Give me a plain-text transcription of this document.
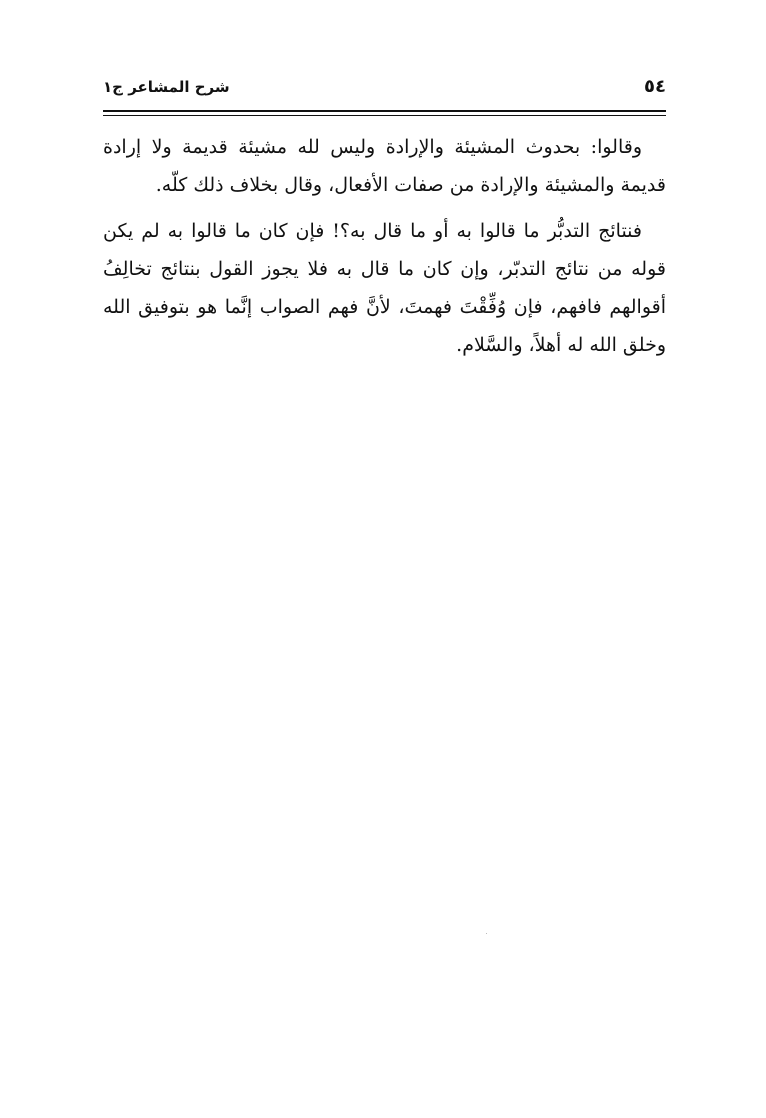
٥٤
شرح المشاعر ج١

وقالوا: بحدوث المشيئة والإرادة وليس لله مشيئة قديمة ولا إرادة قديمة والمشيئة والإرادة من صفات الأفعال، وقال بخلاف ذلك كلّه.

فنتائج التدبُّر ما قالوا به أو ما قال به؟! فإن كان ما قالوا به لم يكن قوله من نتائج التدبّر، وإن كان ما قال به فلا يجوز القول بنتائج تخالِفُ أقوالهم فافهم، فإن وُفِّقْتَ فهمتَ، لأنَّ فهم الصواب إنَّما هو بتوفيق الله وخلق الله له أهلاً، والسَّلام.
